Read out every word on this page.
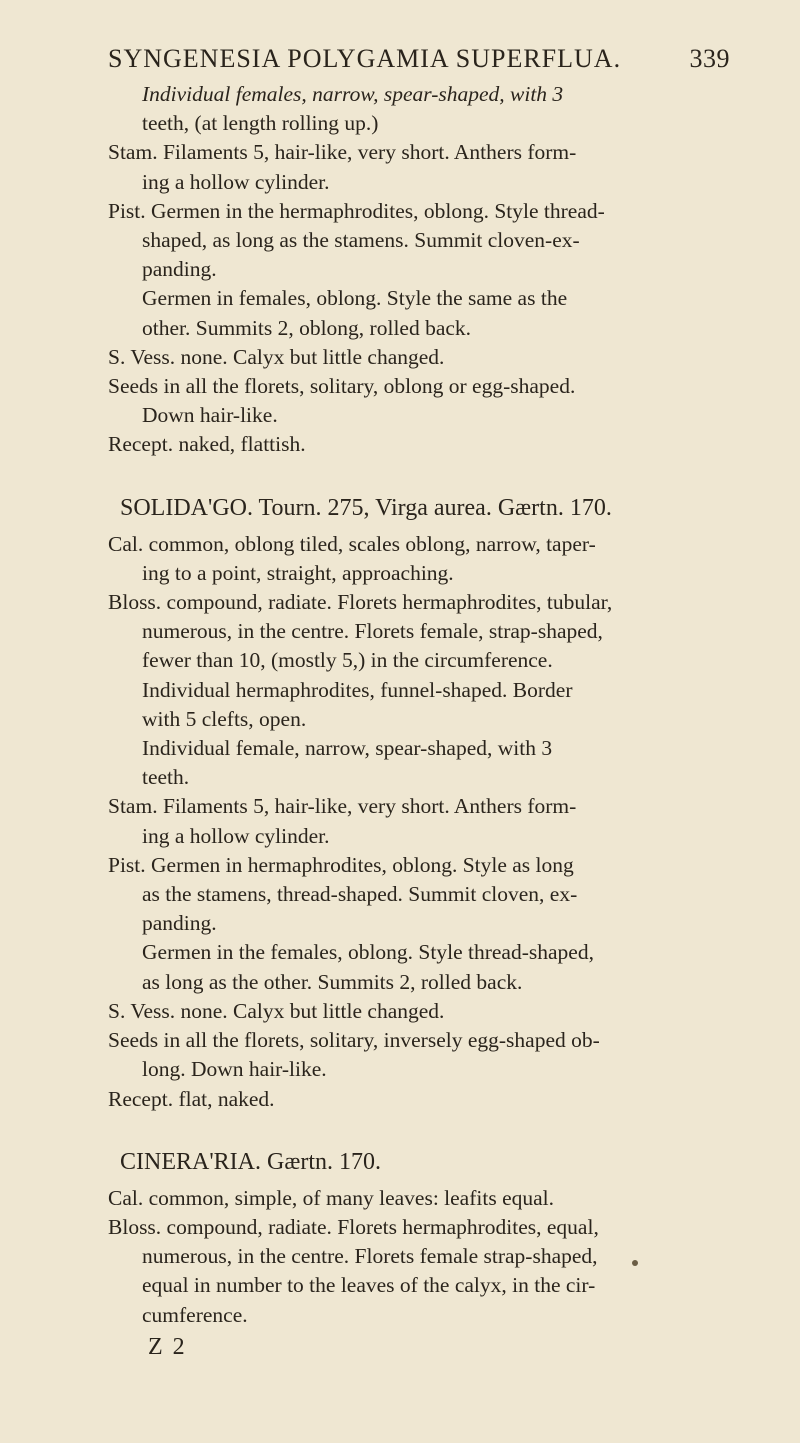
SYNGENESIA POLYGAMIA SUPERFLUA.	339
Individual females, narrow, spear-shaped, with 3
teeth, (at length rolling up.)
Stam. Filaments 5, hair-like, very short. Anthers form-
ing a hollow cylinder.
Pist. Germen in the hermaphrodites, oblong. Style thread-
shaped, as long as the stamens. Summit cloven-ex-
panding.
Germen in females, oblong. Style the same as the
other. Summits 2, oblong, rolled back.
S. Vess. none. Calyx but little changed.
Seeds in all the florets, solitary, oblong or egg-shaped.
Down hair-like.
Recept. naked, flattish.
SOLIDA'GO. Tourn. 275, Virga aurea. Gærtn. 170.
Cal. common, oblong tiled, scales oblong, narrow, taper-
ing to a point, straight, approaching.
Bloss. compound, radiate. Florets hermaphrodites, tubular,
numerous, in the centre. Florets female, strap-shaped,
fewer than 10, (mostly 5,) in the circumference.
Individual hermaphrodites, funnel-shaped. Border
with 5 clefts, open.
Individual female, narrow, spear-shaped, with 3
teeth.
Stam. Filaments 5, hair-like, very short. Anthers form-
ing a hollow cylinder.
Pist. Germen in hermaphrodites, oblong. Style as long
as the stamens, thread-shaped. Summit cloven, ex-
panding.
Germen in the females, oblong. Style thread-shaped,
as long as the other. Summits 2, rolled back.
S. Vess. none. Calyx but little changed.
Seeds in all the florets, solitary, inversely egg-shaped ob-
long. Down hair-like.
Recept. flat, naked.
CINERA'RIA. Gærtn. 170.
Cal. common, simple, of many leaves: leafits equal.
Bloss. compound, radiate. Florets hermaphrodites, equal,
numerous, in the centre. Florets female strap-shaped,
equal in number to the leaves of the calyx, in the cir-
cumference.
Z 2
